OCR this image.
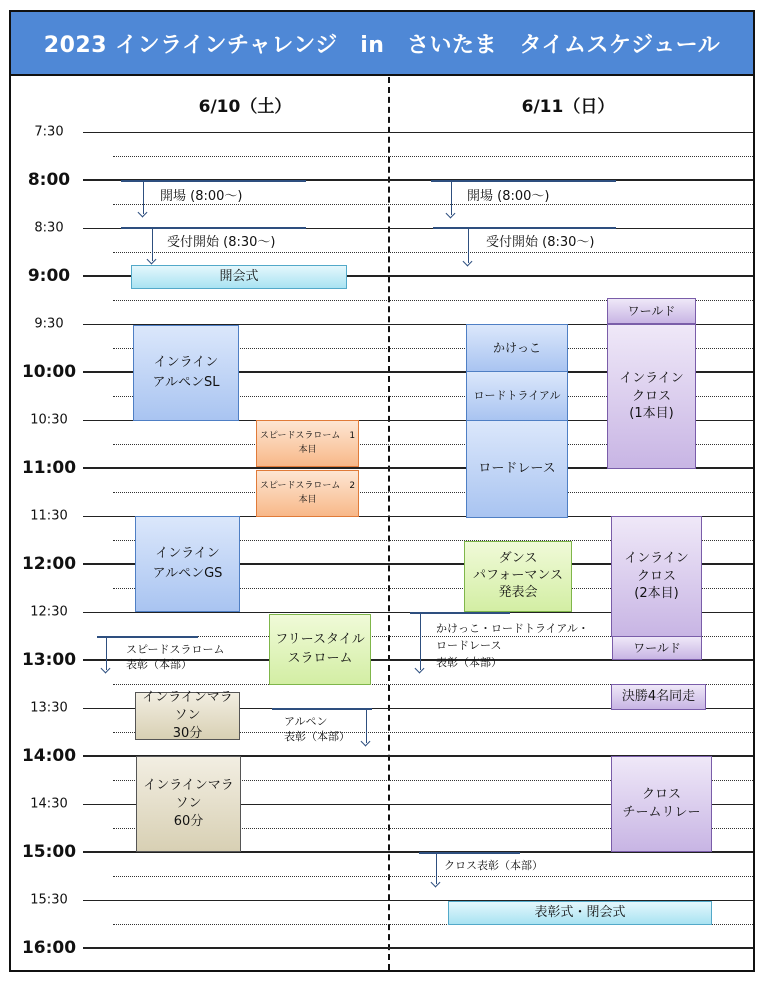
2023 インラインチャレンジ　in　さいたま　タイムスケジュール
6/10（土）	6/11（日）
7:30
8:00
8:30
9:00
9:30
10:00
10:30
11:00
11:30
12:00
12:30
13:00
13:30
14:00
14:30
15:00
15:30
16:00
開場 (8:00～)
受付開始 (8:30～)
開会式
インライン
アルペンSL
スピードスラローム　1本目
スピードスラローム　2本目
インライン
アルペンGS
フリースタイル
スラローム
スピードスラローム
表彰（本部）
インラインマラソン
30分
アルペン
表彰（本部）
インラインマラソン
60分
開場 (8:00～)
受付開始 (8:30～)
ワールド
かけっこ
ロードトライアル
ロードレース
インライン
クロス
(1本目)
ダンス
パフォーマンス
発表会
インライン
クロス
(2本目)
ワールド
かけっこ・ロードトライアル・
ロードレース
表彰（本部）
決勝4名同走
クロス
チームリレー
クロス表彰（本部）
表彰式・閉会式
